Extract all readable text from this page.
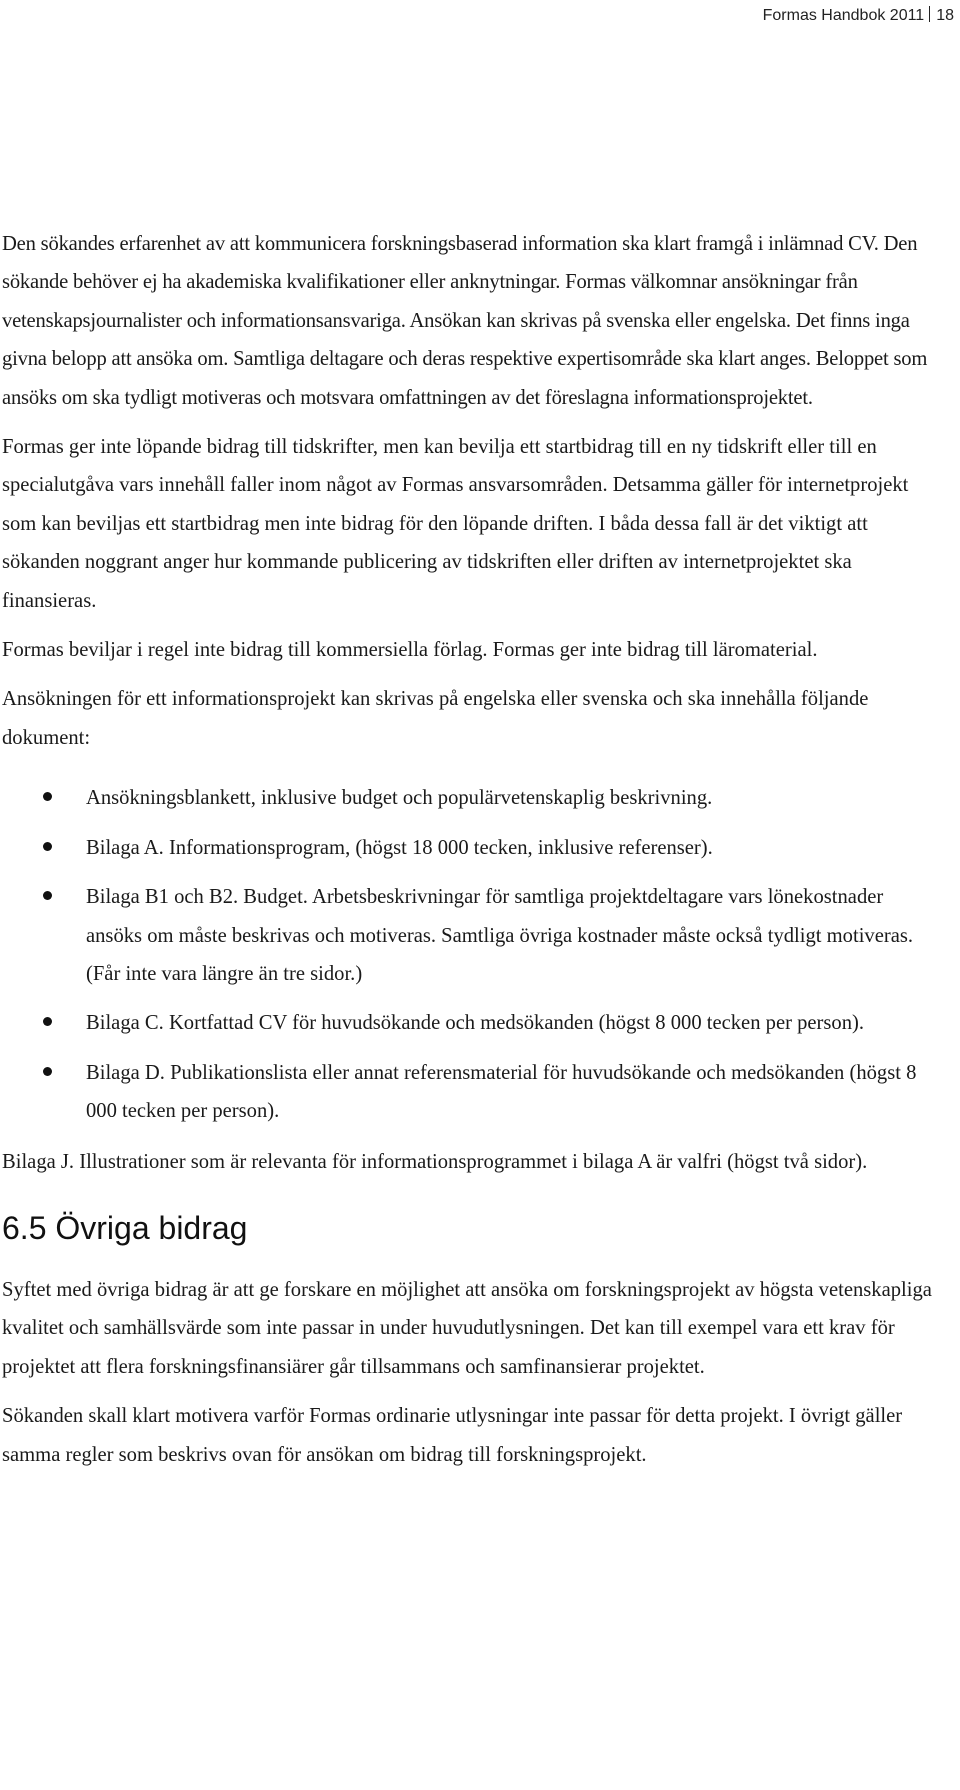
Formas Handbok 2011 18

Den sökandes erfarenhet av att kommunicera forskningsbaserad information ska klart framgå i inlämnad CV. Den sökande behöver ej ha akademiska kvalifikationer eller anknytningar. Formas välkomnar ansökningar från vetenskapsjournalister och informationsansvariga. Ansökan kan skrivas på svenska eller engelska. Det finns inga givna belopp att ansöka om. Samtliga deltagare och deras respektive expertisområde ska klart anges. Beloppet som ansöks om ska tydligt motiveras och motsvara omfattningen av det föreslagna informationsprojektet.

Formas ger inte löpande bidrag till tidskrifter, men kan bevilja ett startbidrag till en ny tidskrift eller till en specialutgåva vars innehåll faller inom något av Formas ansvarsområden. Detsamma gäller för internetprojekt som kan beviljas ett startbidrag men inte bidrag för den löpande driften. I båda dessa fall är det viktigt att sökanden noggrant anger hur kommande publicering av tidskriften eller driften av internetprojektet ska finansieras.

Formas beviljar i regel inte bidrag till kommersiella förlag. Formas ger inte bidrag till läromaterial.

Ansökningen för ett informationsprojekt kan skrivas på engelska eller svenska och ska innehålla följande dokument:

Ansökningsblankett, inklusive budget och populärvetenskaplig beskrivning.
Bilaga A. Informationsprogram, (högst 18 000 tecken, inklusive referenser).
Bilaga B1 och B2. Budget. Arbetsbeskrivningar för samtliga projektdeltagare vars lönekostnader ansöks om måste beskrivas och motiveras. Samtliga övriga kostnader måste också tydligt motiveras. (Får inte vara längre än tre sidor.)
Bilaga C. Kortfattad CV för huvudsökande och medsökanden (högst 8 000 tecken per person).
Bilaga D. Publikationslista eller annat referensmaterial för huvudsökande och medsökanden (högst 8 000 tecken per person).

Bilaga J. Illustrationer som är relevanta för informationsprogrammet i bilaga A är valfri (högst två sidor).

6.5 Övriga bidrag

Syftet med övriga bidrag är att ge forskare en möjlighet att ansöka om forskningsprojekt av högsta vetenskapliga kvalitet och samhällsvärde som inte passar in under huvudutlysningen. Det kan till exempel vara ett krav för projektet att flera forskningsfinansiärer går tillsammans och samfinansierar projektet.

Sökanden skall klart motivera varför Formas ordinarie utlysningar inte passar för detta projekt. I övrigt gäller samma regler som beskrivs ovan för ansökan om bidrag till forskningsprojekt.
